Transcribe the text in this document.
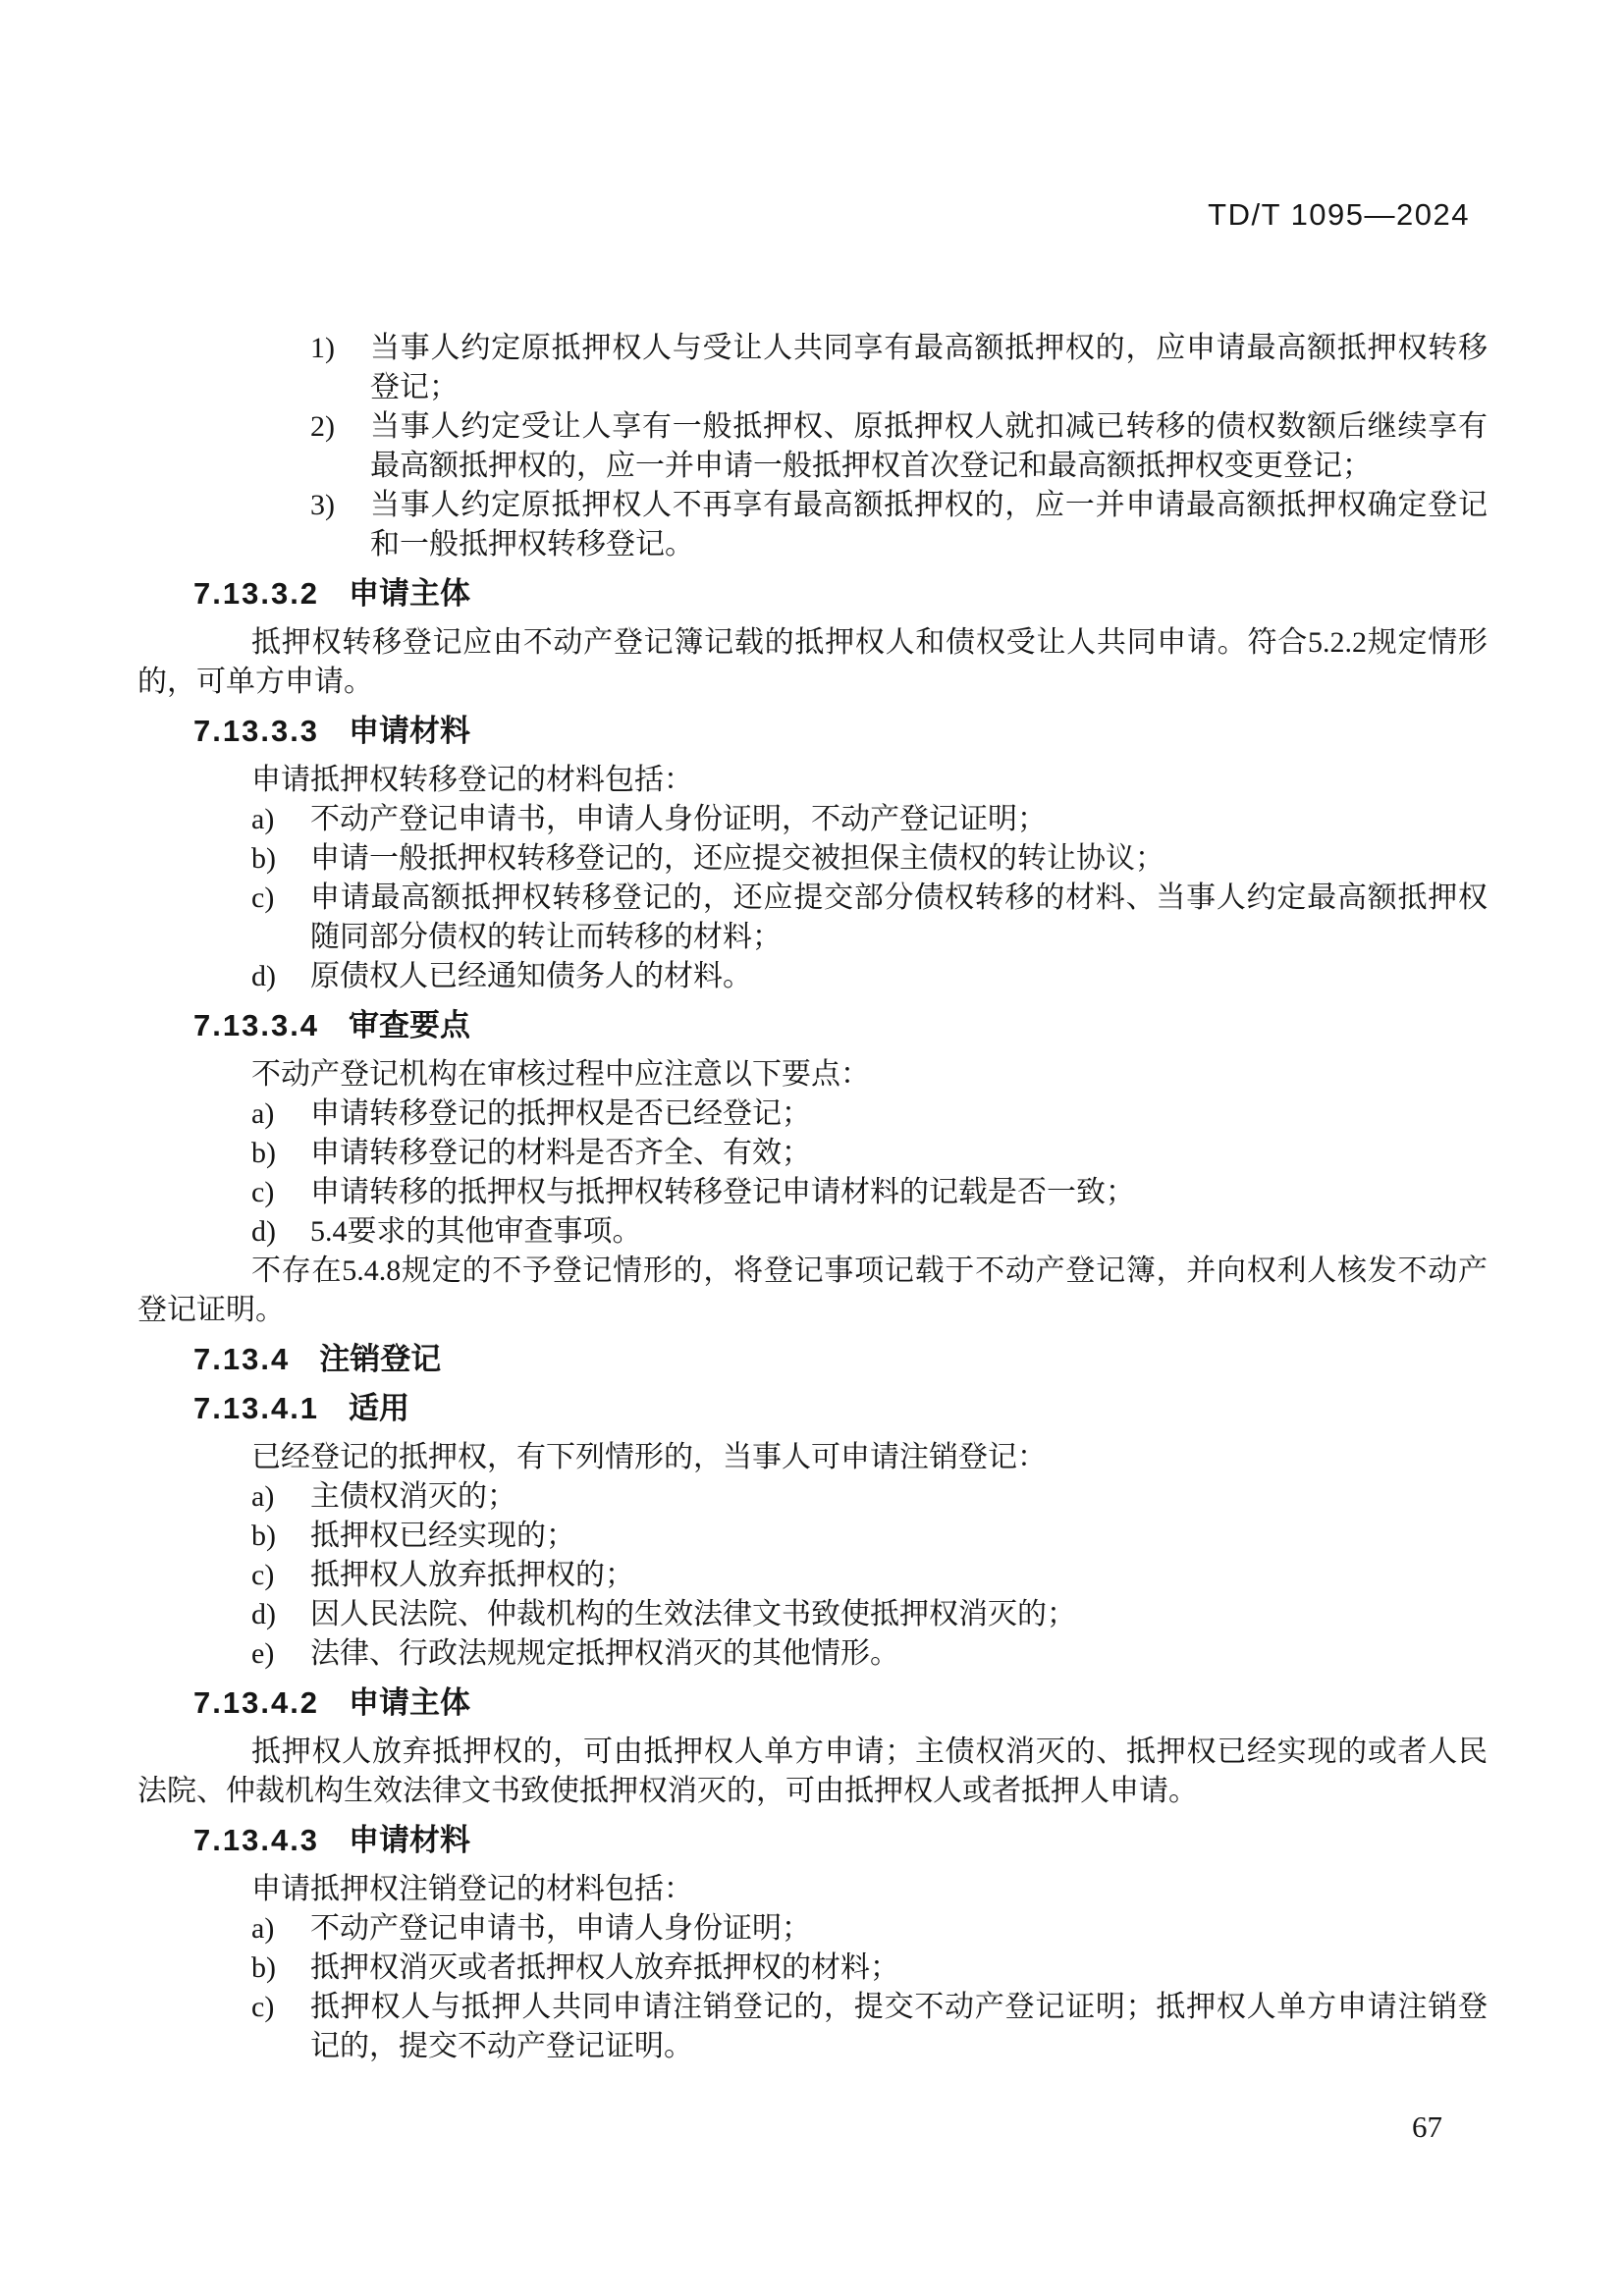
TD/T 1095—2024
1) 当事人约定原抵押权人与受让人共同享有最高额抵押权的，应申请最高额抵押权转移登记；
2) 当事人约定受让人享有一般抵押权、原抵押权人就扣减已转移的债权数额后继续享有最高额抵押权的，应一并申请一般抵押权首次登记和最高额抵押权变更登记；
3) 当事人约定原抵押权人不再享有最高额抵押权的，应一并申请最高额抵押权确定登记和一般抵押权转移登记。
7.13.3.2 申请主体

抵押权转移登记应由不动产登记簿记载的抵押权人和债权受让人共同申请。符合5.2.2规定情形的，可单方申请。

7.13.3.3 申请材料

申请抵押权转移登记的材料包括：

a) 不动产登记申请书，申请人身份证明，不动产登记证明；
b) 申请一般抵押权转移登记的，还应提交被担保主债权的转让协议；
c) 申请最高额抵押权转移登记的，还应提交部分债权转移的材料、当事人约定最高额抵押权随同部分债权的转让而转移的材料；
d) 原债权人已经通知债务人的材料。
7.13.3.4 审查要点

不动产登记机构在审核过程中应注意以下要点：

a) 申请转移登记的抵押权是否已经登记；
b) 申请转移登记的材料是否齐全、有效；
c) 申请转移的抵押权与抵押权转移登记申请材料的记载是否一致；
d) 5.4要求的其他审查事项。

不存在5.4.8规定的不予登记情形的，将登记事项记载于不动产登记簿，并向权利人核发不动产登记证明。

7.13.4 注销登记
7.13.4.1 适用

已经登记的抵押权，有下列情形的，当事人可申请注销登记：

a) 主债权消灭的；
b) 抵押权已经实现的；
c) 抵押权人放弃抵押权的；
d) 因人民法院、仲裁机构的生效法律文书致使抵押权消灭的；
e) 法律、行政法规规定抵押权消灭的其他情形。
7.13.4.2 申请主体

抵押权人放弃抵押权的，可由抵押权人单方申请；主债权消灭的、抵押权已经实现的或者人民法院、仲裁机构生效法律文书致使抵押权消灭的，可由抵押权人或者抵押人申请。

7.13.4.3 申请材料

申请抵押权注销登记的材料包括：

a) 不动产登记申请书，申请人身份证明；
b) 抵押权消灭或者抵押权人放弃抵押权的材料；
c) 抵押权人与抵押人共同申请注销登记的，提交不动产登记证明；抵押权人单方申请注销登记的，提交不动产登记证明。
67
